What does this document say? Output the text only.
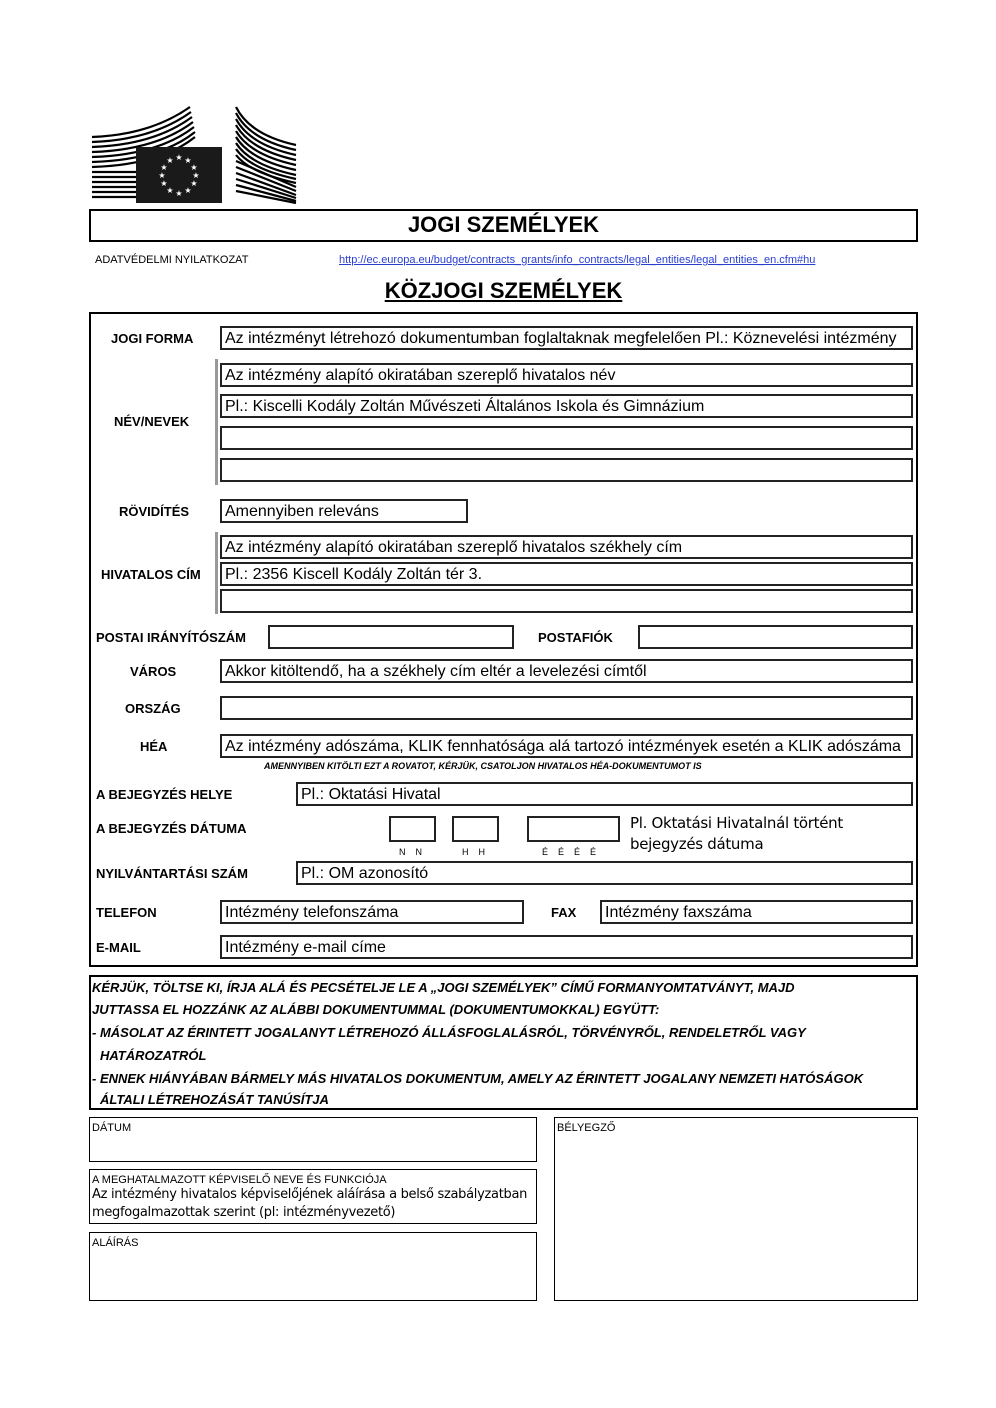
★ ★
★
★
★
★
★
★
★
★
★
★
JOGI SZEMÉLYEK
ADATVÉDELMI NYILATKOZAT	http://ec.europa.eu/budget/contracts_grants/info_contracts/legal_entities/legal_entities_en.cfm#hu
KÖZJOGI SZEMÉLYEK
JOGI FORMA	Az intézményt létrehozó dokumentumban foglaltaknak megfelelően Pl.: Köznevelési intézmény
NÉV/NEVEK
Az intézmény alapító okiratában szereplő hivatalos név
Pl.: Kiscelli Kodály Zoltán Művészeti Általános Iskola és Gimnázium
RÖVIDÍTÉS	Amennyiben releváns
HIVATALOS CÍM
Az intézmény alapító okiratában szereplő hivatalos székhely cím
Pl.: 2356 Kiscell Kodály Zoltán tér 3.
POSTAI IRÁNYÍTÓSZÁM	POSTAFIÓK
VÁROS	Akkor kitöltendő, ha a székhely cím eltér a levelezési címtől
ORSZÁG
HÉA	Az intézmény adószáma, KLIK fennhatósága alá tartozó intézmények esetén a KLIK adószáma
AMENNYIBEN KITÖLTI EZT A ROVATOT, KÉRJÜK, CSATOLJON HIVATALOS HÉA-DOKUMENTUMOT IS
A BEJEGYZÉS HELYE	Pl.: Oktatási Hivatal
A BEJEGYZÉS DÁTUMA
N    N	H    H	É    É    É    É
Pl. Oktatási Hivatalnál történt
bejegyzés dátuma
NYILVÁNTARTÁSI SZÁM	Pl.: OM azonosító
TELEFON	Intézmény telefonszáma	FAX	Intézmény faxszáma
E-MAIL	Intézmény e-mail címe
KÉRJÜK, TÖLTSE KI, ÍRJA ALÁ ÉS PECSÉTELJE LE A „JOGI SZEMÉLYEK” CÍMŰ FORMANYOMTATVÁNYT, MAJD
JUTTASSA EL HOZZÁNK AZ ALÁBBI DOKUMENTUMMAL (DOKUMENTUMOKKAL) EGYÜTT:
- MÁSOLAT AZ ÉRINTETT JOGALANYT LÉTREHOZÓ ÁLLÁSFOGLALÁSRÓL, TÖRVÉNYRŐL, RENDELETRŐL VAGY
HATÁROZATRÓL
- ENNEK HIÁNYÁBAN BÁRMELY MÁS HIVATALOS DOKUMENTUM, AMELY AZ ÉRINTETT JOGALANY NEMZETI HATÓSÁGOK
ÁLTALI LÉTREHOZÁSÁT TANÚSÍTJA
DÁTUM	BÉLYEGZŐ
A MEGHATALMAZOTT KÉPVISELŐ NEVE ÉS FUNKCIÓJA
Az intézmény hivatalos képviselőjének aláírása a belső szabályzatban
megfogalmazottak szerint (pl: intézményvezető)
ALÁÍRÁS
